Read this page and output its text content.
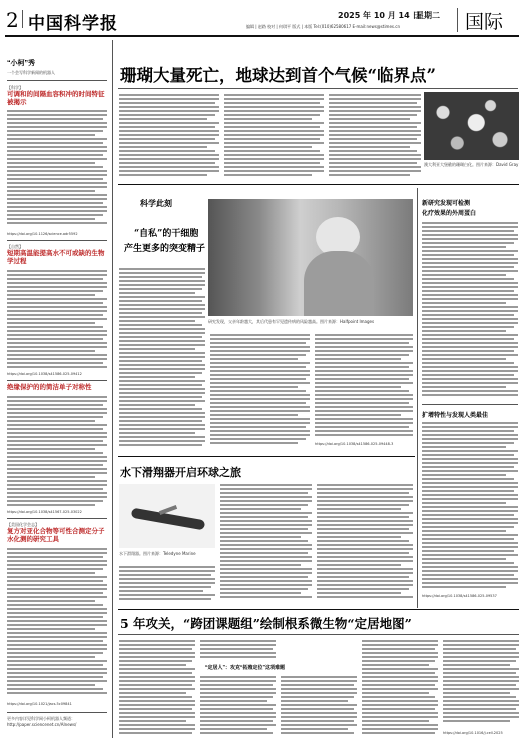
2 中国科学报	2025 年 10 月 14 日
星期二
编辑 | 赵路 校对 | 何琪平 版式 | 本版 Tel:(010)62580617 E-mail:news@stimes.cn	国际
“小柯”秀
一个会写科学新闻的机器人
【科学】
可调和的间隔血容积冲的时间特征被揭示
https://doi.org/10.1126/science.adr5592
【自然】
短期高温能提高水不可或缺的生物学过程
https://doi.org/10.1038/s41586-025-09412
绝缘保护的的简洁单子对称性
https://doi.org/10.1038/s41567-025-03022
【美国化学会志】
复方对亚化合物等可性合测定分子水化测的研究工具
https://doi.org/10.1021/jacs.5c09841
更多内容详见科学网小柯机器人频道：http://paper.sciencenet.cn/AInews/
珊瑚大量死亡，地球达到首个气候“临界点”
澳大利亚大堡礁的珊瑚白化。图片来源：David Gray
科学此刻
“自私”的干细胞
产生更多的突变精子
研究发现，父亲年龄越大，其后代患有罕见遗传病的风险越高。图片来源：Halfpoint Images
https://doi.org/10.1038/s41586-025-09448-3
新研究发现可检测
化疗效果的外周蛋白
扩增特性与发现人类最佳
https://doi.org/10.1038/s41586-025-09537
水下滑翔器开启环球之旅
水下滑翔器。图片来源：Teledyne Marine
5 年攻关，“跨团课题组”绘制根系微生物“定居地图”
“定居人”：攻克“拓殖定位”这项难题
https://doi.org/10.1016/j.cell.2025
